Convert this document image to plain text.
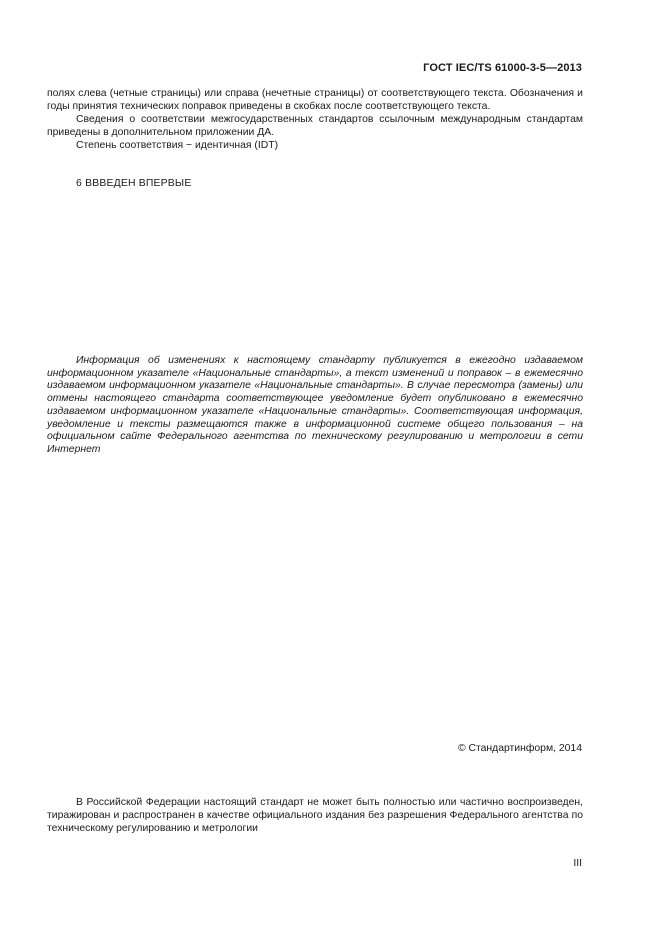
ГОСТ IEC/TS 61000-3-5—2013

полях слева (четные страницы) или справа (нечетные страницы) от соответствующего текста. Обозначения и годы принятия технических поправок приведены в скобках после соответствующего текста.

Сведения о соответствии межгосударственных стандартов ссылочным международным стандартам приведены в дополнительном приложении ДА.

Степень соответствия − идентичная (IDT)

6 ВВВЕДЕН ВПЕРВЫЕ

Информация об изменениях к настоящему стандарту публикуется в ежегодно издаваемом информационном указателе «Национальные стандарты», а текст изменений и поправок – в ежемесячно издаваемом информационном указателе «Национальные стандарты». В случае пересмотра (замены) или отмены настоящего стандарта соответствующее уведомление будет опубликовано в ежемесячно издаваемом информационном указателе «Национальные стандарты». Соответствующая информация, уведомление и тексты размещаются также в информационной системе общего пользования – на официальном сайте Федерального агентства по техническому регулированию и метрологии в сети Интернет

© Стандартинформ, 2014

В Российской Федерации настоящий стандарт не может быть полностью или частично воспроизведен, тиражирован и распространен в качестве официального издания без разрешения Федерального агентства по техническому регулированию и метрологии

III
